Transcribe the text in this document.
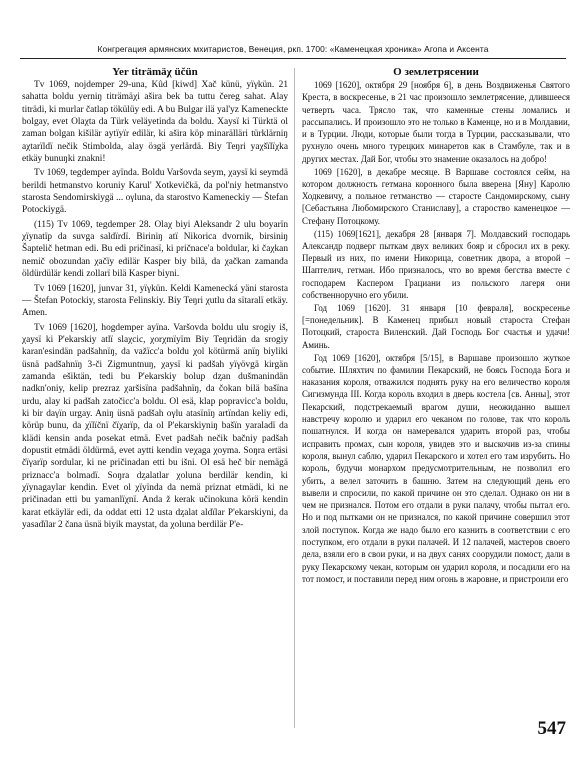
Конгрегация армянских мхитаристов, Венеция, ркп. 1700: «Каменецкая хроника» Агопа и Аксента
Yer titrämäχ üčün

Tv 1069, nojdemper 29-una, Kûd [kiwd] Xač künü, yïγkün. 21 sahatta boldu yerniŋ titrämäχi aširа bek ba tuttu čereg sahat. Alay titrädi, ki murlar čatlap tökülüy edi. A bu Bulgar ilä yal'yz Kameneckte bolgay, evet Olaχta da Türk veläyetinda da boldu. Xaysï ki Türktä ol zaman bolgan kišilär aytïyïr edilär, ki aširа köp minarälläri türklärniŋ aχtarïldï nečik Stimbolda, alay öзgä yerlärdä. Biy Teŋri yaχšïlïχka etkäy bunuŋki znakni!

Tv 1069, tegdemper ayïnda. Boldu Varšovda seym, χaysï ki seymdä berildi hetmanstvo koruniy Karul' Xotkevičkä, da pol'niy hetmanstvo starosta Sendomirskiygä ... oγluna, da starostvo Kameneckiy — Štefan Potockiygä.

(115) Tv 1069, tegdemper 28. Olaχ biyi Aleksandr 2 ulu boyarïn χïynatïp da suvga saldïrdï. Biriniŋ atï Nikorica dvornik, birsiniŋ Šaptelič hetman edi. Bu edi pričinasï, ki pričnace'a boldular, ki čaχkan nemič obozundan χačïy edilär Kasper biy bilä, da χačkan zamanda öldürdülär kendi zollarï bilä Kasper biyni.

Tv 1069 [1620], junvar 31, yïγkün. Keldi Kamenecká yäni starosta — Štefan Potockiy, starosta Felinskiy. Biy Teŋri χutlu da sïtaralï etkäy. Amen.

Tv 1069 [1620], hogdemper ayïna. Varšovda boldu ulu srogiy iš, χaysï ki P'ekarskiy atlï slaχcic, χorχmïyïm Biy Teŋridän da srogiy karan'esindän padšahnïŋ, da važïcc'a boldu χol kötürmä anïŋ biyliki üsnä padšahnïŋ 3-či Zigmuntnuŋ, χaysï ki padšah yïγövgä kirgän zamanda ešiktän, tedi bu P'ekarskiy bolup dᶎan dušmanindän nadkn'oniy, kelip prezraz χaršisïna padšahnïŋ, da čokan bilä bašïna urdu, alay ki padšah zatočiсc'a boldu. Ol esä, klap poprаvicc'a boldu, ki bir daγïn urgay. Aniŋ üsnä padšah oγlu atasïnïŋ artïndan keliy edi, körüp bunu, da χïlïčnï čïχarïp, da ol P'ekarskiyniŋ bašïn yaraladï da klädi kensin anda posekat etmä. Evet padšah nečik bačniy padšah dopustit etmädi öldürmä, evet aytti kendin veχaga χoyma. Soŋra ertäsi čïγarïp sordular, ki ne pričinadan etti bu išni. Ol esä heč bir nemägä priznacc'a bolmadï. Soŋra dᶎalatlar χoluna berdilär kendin, ki χïynagaylar kendin. Evet ol χïyïnda da nemä priznat etmädi, ki ne pričinadan etti bu yamanlïχnï. Anda ž kerak učinokuna körä kendin karat etkäylär edi, da oddat etti 12 usta dᶎalat aldïlar P'ekarskiyni, da yasadïlar 2 čana üsnä biyik maystat, da χoluna berdilär P'e-

О землетрясении

1069 [1620], октября 29 [ноября 6], в день Воздвиженья Святого Креста, в воскресенье, в 21 час произошло землетрясение, длившееся четверть часа. Трясло так, что каменные стены ломались и рассыпались. И произошло это не только в Каменце, но и в Молдавии, и в Турции. Люди, которые были тогда в Турции, рассказывали, что рухнуло очень много турецких минаретов как в Стамбуле, так и в других местах. Дай Бог, чтобы это знамение оказалось на добро!

1069 [1620], в декабре месяце. В Варшаве состоялся сейм, на котором должность гетмана коронного была вверена [Яну] Каролю Ходкевичу, а польное гетманство — старосте Сандомирскому, сыну [Себастьяна Любомирского Станиславу], а староство каменецкое — Стефану Потоцкому.

(115) 1069[1621], декабря 28 [января 7]. Молдавский господарь Александр подверг пыткам двух великих бояр и сбросил их в реку. Первый из них, по имени Никорица, советник двора, а второй – Шаптелич, гетман. Ибо призналось, что во время бегства вместе с господарем Каспером Грациани из польского лагеря они собственноручно его убили.

Год 1069 [1620]. 31 января [10 февраля], воскресенье [=понедельник]. В Каменец прибыл новый староста Стефан Потоцкий, староста Виленский. Дай Господь Бог счастья и удачи! Аминь.

Год 1069 [1620], октября [5/15], в Варшаве произошло жуткое событие. Шляхтич по фамилии Пекарский, не боясь Господа Бога и наказания короля, отважился поднять руку на его величество короля Сигизмунда III. Когда король входил в дверь костела [св. Анны], этот Пекарский, подстрекаемый врагом души, неожиданно вышел навстречу королю и ударил его чеканом по голове, так что король пошатнулся. И когда он намеревался ударить второй раз, чтобы исправить промах, сын короля, увидев это и выскочив из-за спины короля, вынул саблю, ударил Пекарского и хотел его там изрубить. Но король, будучи монархом предусмотрительным, не позволил его убить, а велел заточить в башню. Затем на следующий день его вывели и спросили, по какой причине он это сделал. Однако он ни в чем не признался. Потом его отдали в руки палачу, чтобы пытал его. Но и под пытками он не признался, по какой причине совершил этот злой поступок. Когда же надо было его казнить в соответствии с его поступком, его отдали в руки палачей. И 12 палачей, мастеров своего дела, взяли его в свои руки, и на двух санях соорудили помост, дали в руку Пекарскому чекан, которым он ударил короля, и посадили его на тот помост, и поставили перед ним огонь в жаровне, и пристроили его

547
